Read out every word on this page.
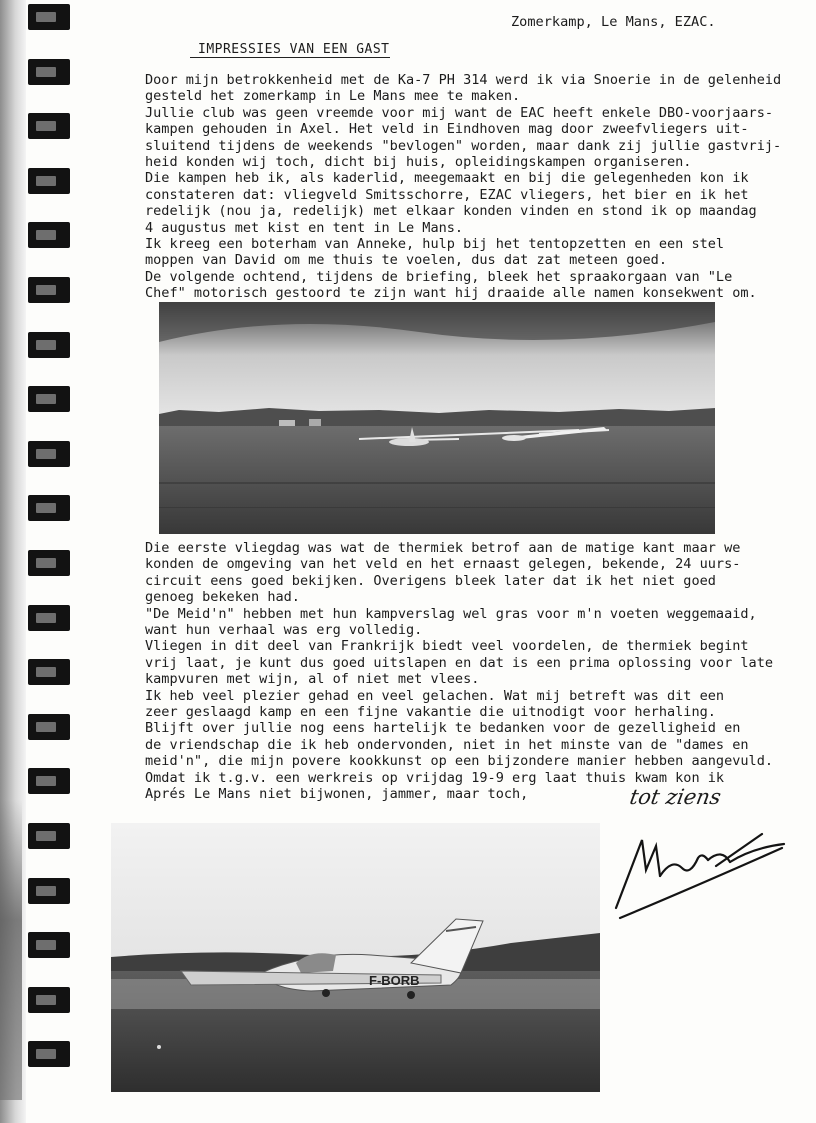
Zomerkamp, Le Mans, EZAC.
IMPRESSIES VAN EEN GAST
Door mijn betrokkenheid met de Ka-7 PH 314 werd ik via Snoerie in de gelenheid
gesteld het zomerkamp in Le Mans mee te maken.
Jullie club was geen vreemde voor mij want de EAC heeft enkele DBO-voorjaars-
kampen gehouden in Axel. Het veld in Eindhoven mag door zweefvliegers uit-
sluitend tijdens de weekends "bevlogen" worden, maar dank zij jullie gastvrij-
heid konden wij toch, dicht bij huis, opleidingskampen organiseren.
Die kampen heb ik, als kaderlid, meegemaakt en bij die gelegenheden kon ik
constateren dat: vliegveld Smitsschorre, EZAC vliegers, het bier en ik het
redelijk (nou ja, redelijk) met elkaar konden vinden en stond ik op maandag
4 augustus met kist en tent in Le Mans.
Ik kreeg een boterham van Anneke, hulp bij het tentopzetten en een stel
moppen van David om me thuis te voelen, dus dat zat meteen goed.
De volgende ochtend, tijdens de briefing, bleek het spraakorgaan van "Le
Chef" motorisch gestoord te zijn want hij draaide alle namen konsekwent om.
Die eerste vliegdag was wat de thermiek betrof aan de matige kant maar we
konden de omgeving van het veld en het ernaast gelegen, bekende, 24 uurs-
circuit eens goed bekijken. Overigens bleek later dat ik het niet goed
genoeg bekeken had.
"De Meid'n" hebben met hun kampverslag wel gras voor m'n voeten weggemaaid,
want hun verhaal was erg volledig.
Vliegen in dit deel van Frankrijk biedt veel voordelen, de thermiek begint
vrij laat, je kunt dus goed uitslapen en dat is een prima oplossing voor late
kampvuren met wijn, al of niet met vlees.
Ik heb veel plezier gehad en veel gelachen. Wat mij betreft was dit een
zeer geslaagd kamp en een fijne vakantie die uitnodigt voor herhaling.
Blijft over jullie nog eens hartelijk te bedanken voor de gezelligheid en
de vriendschap die ik heb ondervonden, niet in het minste van de "dames en
meid'n", die mijn povere kookkunst op een bijzondere manier hebben aangevuld.
Omdat ik t.g.v. een werkreis op vrijdag 19-9 erg laat thuis kwam kon ik
Aprés Le Mans niet bijwonen, jammer, maar toch,	tot ziens
F-BORB
